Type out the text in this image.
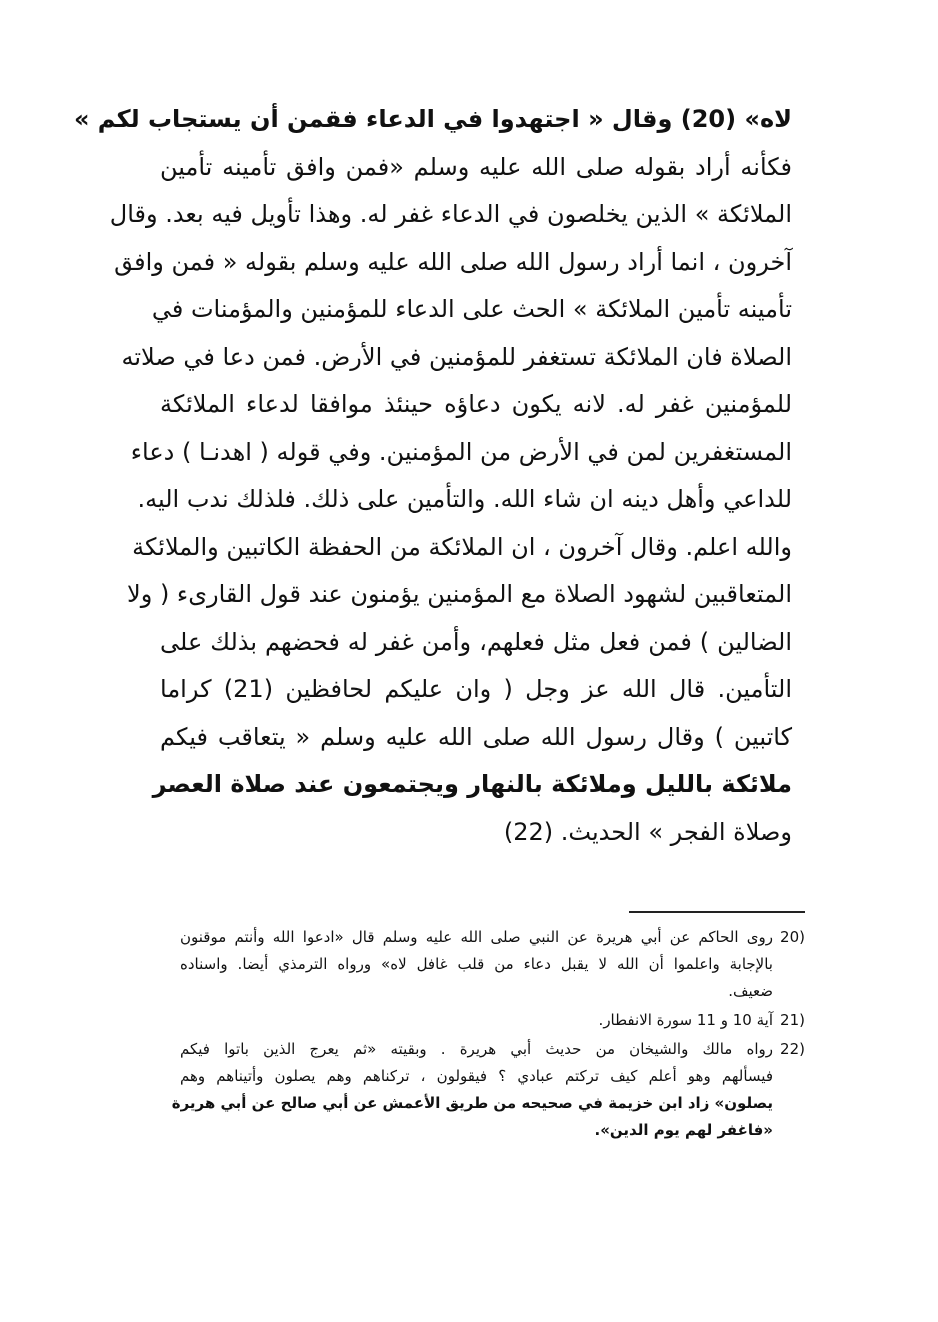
لاه» (20) وقال « اجتهدوا في الدعاء فقمن أن يستجاب لكم »
فكأنه أراد بقوله صلى الله عليه وسلم «فمن وافق تأمينه تأمين
الملائكة » الذين يخلصون في الدعاء غفر له. وهذا تأويل فيه بعد. وقال
آخرون ، انما أراد رسول الله صلى الله عليه وسلم بقوله « فمن وافق
تأمينه تأمين الملائكة » الحث على الدعاء للمؤمنين والمؤمنات في
الصلاة فان الملائكة تستغفر للمؤمنين في الأرض. فمن دعا في صلاته
للمؤمنين غفر له. لانه يكون دعاؤه حينئذ موافقا لدعاء الملائكة
المستغفرين لمن في الأرض من المؤمنين. وفي قوله ( اهدنـا ) دعاء
للداعي وأهل دينه ان شاء الله. والتأمين على ذلك. فلذلك ندب اليه.
والله اعلم. وقال آخرون ، ان الملائكة من الحفظة الكاتبين والملائكة
المتعاقبين لشهود الصلاة مع المؤمنين يؤمنون عند قول القارىء ( ولا
الضالين ) فمن فعل مثل فعلهم، وأمن غفر له فحضهم بذلك على
التأمين. قال الله عز وجل ( وان عليكم لحافظين (21) كراما
كاتبين ) وقال رسول الله صلى الله عليه وسلم « يتعاقب فيكم
ملائكة بالليل وملائكة بالنهار ويجتمعون عند صلاة العصر
وصلاة الفجر » الحديث. (22)
20)
روى الحاكم عن أبي هريرة عن النبي صلى الله عليه وسلم قال «ادعوا الله وأنتم موقنون
بالإجابة واعلموا أن الله لا يقبل دعاء من قلب غافل لاه» ورواه الترمذي أيضا. واسناده
ضعيف.
21)
آية 10 و 11 سورة الانفطار.
22)
رواه مالك والشيخان من حديث أبي هريرة . وبقيته «ثم يعرج الذين باتوا فيكم
فيسألهم وهو أعلم كيف تركتم عبادي ؟ فيقولون ، تركناهم وهم يصلون وأتيناهم وهم
يصلون» زاد ابن خزيمة في صحيحه من طريق الأعمش عن أبي صالح عن أبي هريرة
«فاغفر لهم يوم الدين».
